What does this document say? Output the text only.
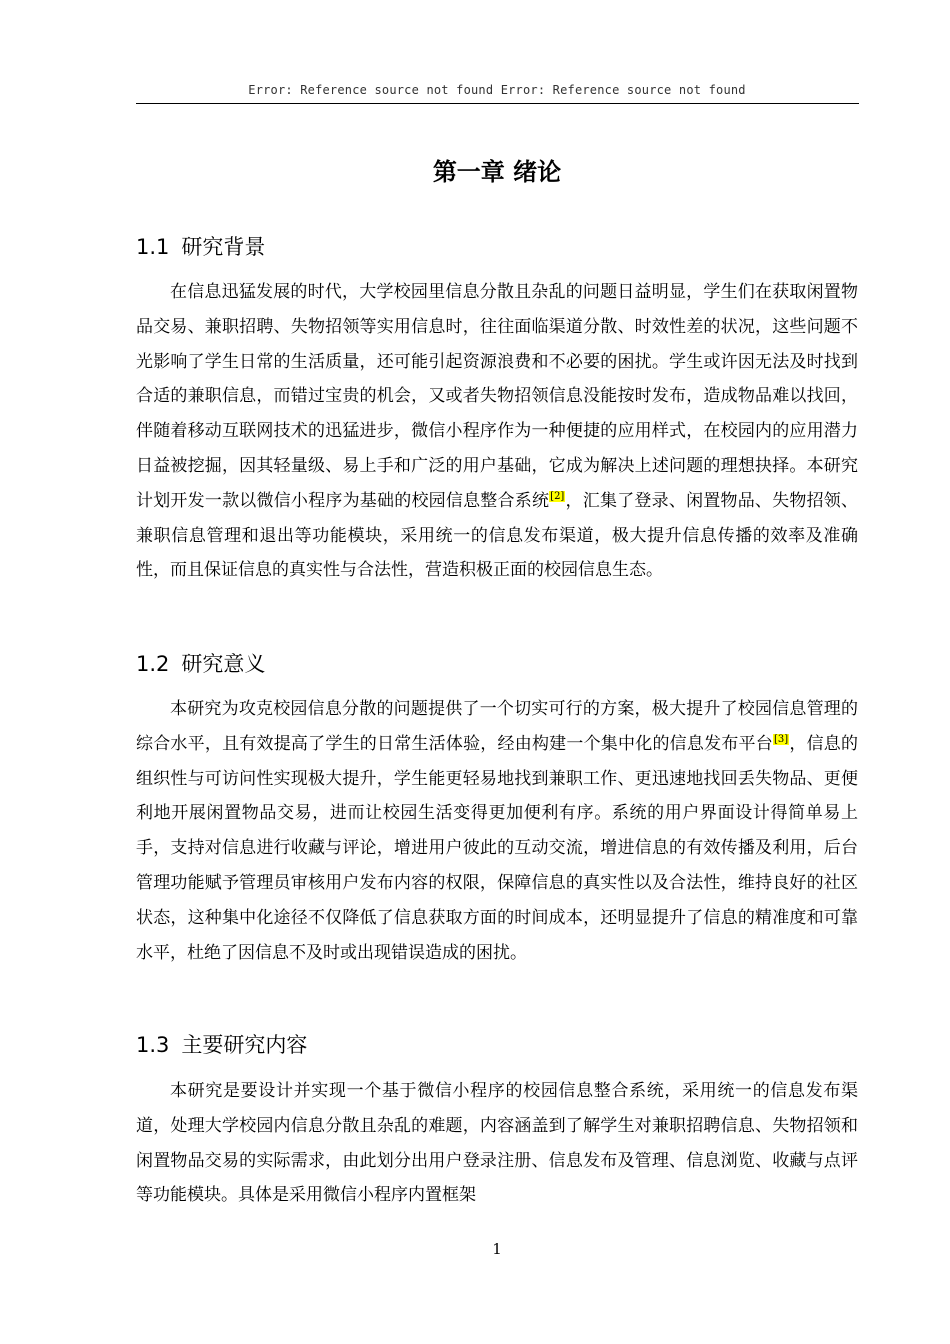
Error: Reference source not found Error: Reference source not found
第一章 绪论
1.1 研究背景
在信息迅猛发展的时代，大学校园里信息分散且杂乱的问题日益明显，学生们在获取闲置物品交易、兼职招聘、失物招领等实用信息时，往往面临渠道分散、时效性差的状况，这些问题不光影响了学生日常的生活质量，还可能引起资源浪费和不必要的困扰。学生或许因无法及时找到合适的兼职信息，而错过宝贵的机会，又或者失物招领信息没能按时发布，造成物品难以找回，伴随着移动互联网技术的迅猛进步，微信小程序作为一种便捷的应用样式，在校园内的应用潜力日益被挖掘，因其轻量级、易上手和广泛的用户基础，它成为解决上述问题的理想抉择。本研究计划开发一款以微信小程序为基础的校园信息整合系统[2]，汇集了登录、闲置物品、失物招领、兼职信息管理和退出等功能模块，采用统一的信息发布渠道，极大提升信息传播的效率及准确性，而且保证信息的真实性与合法性，营造积极正面的校园信息生态。
1.2 研究意义
本研究为攻克校园信息分散的问题提供了一个切实可行的方案，极大提升了校园信息管理的综合水平，且有效提高了学生的日常生活体验，经由构建一个集中化的信息发布平台[3]，信息的组织性与可访问性实现极大提升，学生能更轻易地找到兼职工作、更迅速地找回丢失物品、更便利地开展闲置物品交易，进而让校园生活变得更加便利有序。系统的用户界面设计得简单易上手，支持对信息进行收藏与评论，增进用户彼此的互动交流，增进信息的有效传播及利用，后台管理功能赋予管理员审核用户发布内容的权限，保障信息的真实性以及合法性，维持良好的社区状态，这种集中化途径不仅降低了信息获取方面的时间成本，还明显提升了信息的精准度和可靠水平，杜绝了因信息不及时或出现错误造成的困扰。
1.3 主要研究内容
本研究是要设计并实现一个基于微信小程序的校园信息整合系统，采用统一的信息发布渠道，处理大学校园内信息分散且杂乱的难题，内容涵盖到了解学生对兼职招聘信息、失物招领和闲置物品交易的实际需求，由此划分出用户登录注册、信息发布及管理、信息浏览、收藏与点评等功能模块。具体是采用微信小程序内置框架
1
